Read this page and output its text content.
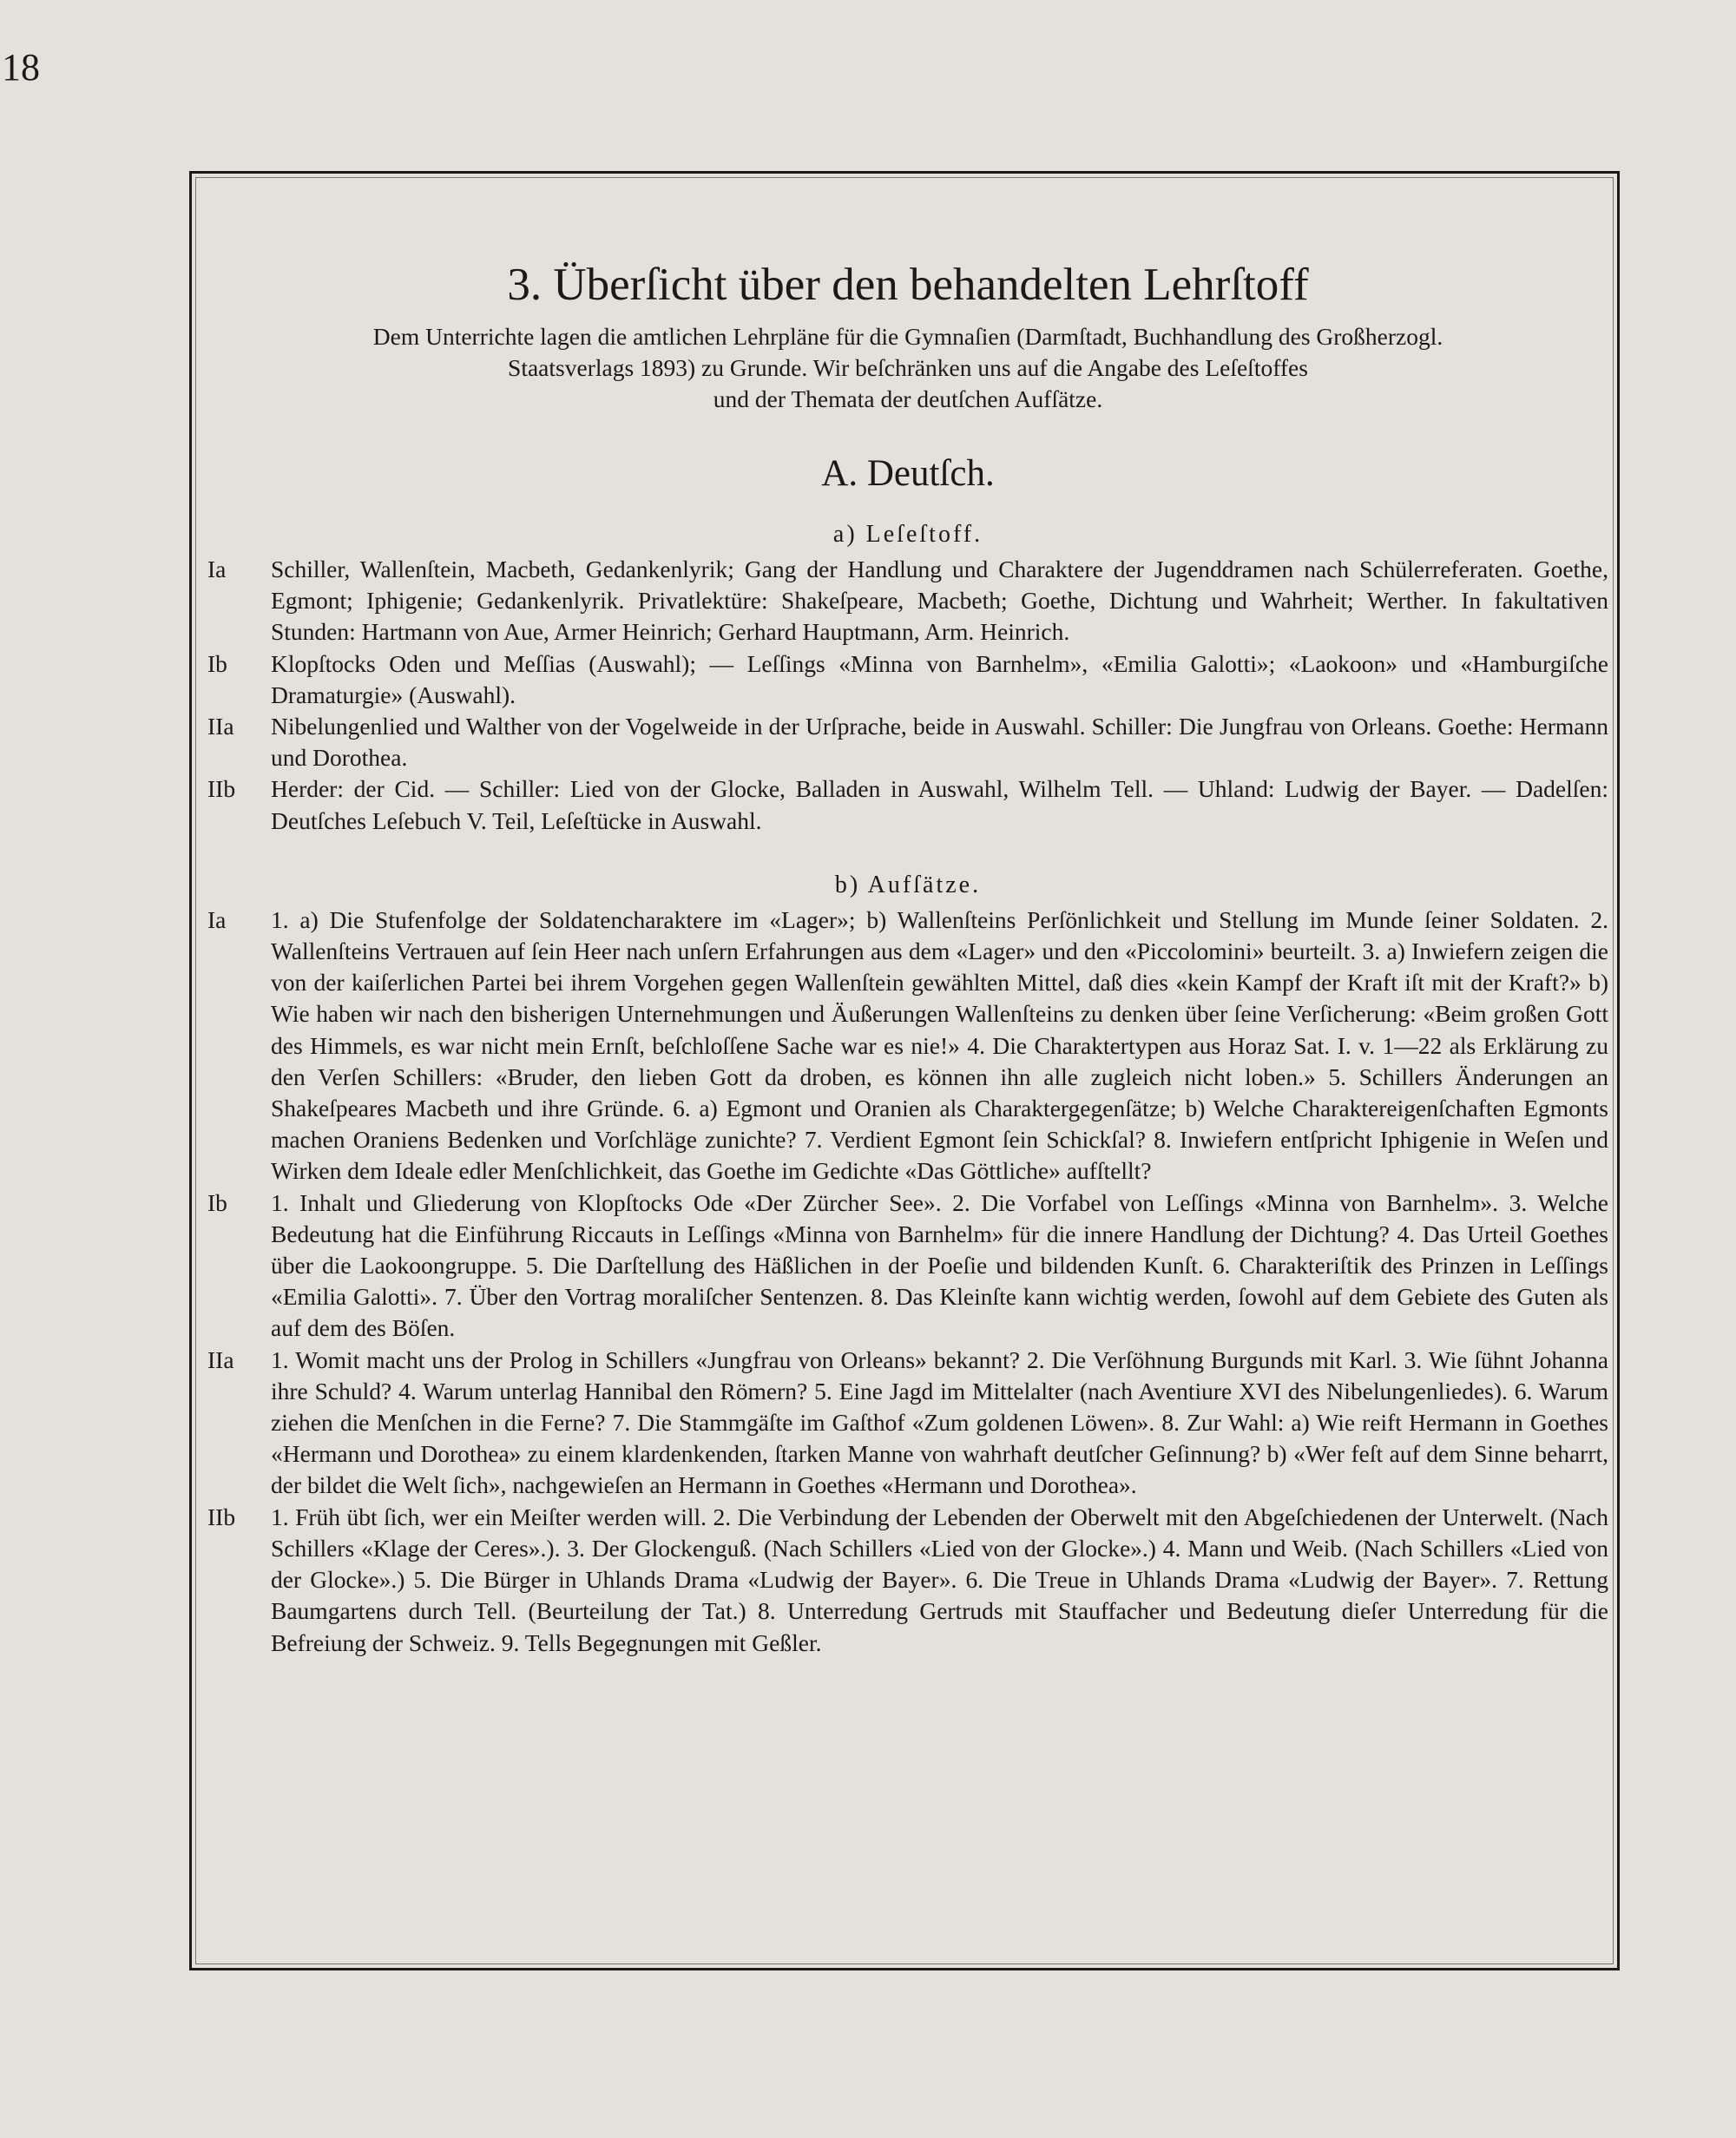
18
3. Überſicht über den behandelten Lehrſtoff

Dem Unterrichte lagen die amtlichen Lehrpläne für die Gymnaſien (Darmſtadt, Buchhandlung des Großherzogl.
Staatsverlags 1893) zu Grunde. Wir beſchränken uns auf die Angabe des Leſeſtoffes
und der Themata der deutſchen Aufſätze.

A. Deutſch.
a) Leſeſtoff.
Ia Schiller, Wallenſtein, Macbeth, Gedankenlyrik; Gang der Handlung und Charaktere der Jugenddramen nach Schülerreferaten. Goethe, Egmont; Iphigenie; Gedankenlyrik. Privatlektüre: Shakeſpeare, Macbeth; Goethe, Dichtung und Wahrheit; Werther. In fakultativen Stunden: Hartmann von Aue, Armer Heinrich; Gerhard Hauptmann, Arm. Heinrich.
Ib Klopſtocks Oden und Meſſias (Auswahl); — Leſſings «Minna von Barnhelm», «Emilia Galotti»; «Laokoon» und «Hamburgiſche Dramaturgie» (Auswahl).
IIa Nibelungenlied und Walther von der Vogelweide in der Urſprache, beide in Auswahl. Schiller: Die Jungfrau von Orleans. Goethe: Hermann und Dorothea.
IIb Herder: der Cid. — Schiller: Lied von der Glocke, Balladen in Auswahl, Wilhelm Tell. — Uhland: Ludwig der Bayer. — Dadelſen: Deutſches Leſebuch V. Teil, Leſeſtücke in Auswahl.
b) Aufſätze.
Ia 1. a) Die Stufenfolge der Soldatencharaktere im «Lager»; b) Wallenſteins Perſönlichkeit und Stellung im Munde ſeiner Soldaten. 2. Wallenſteins Vertrauen auf ſein Heer nach unſern Erfahrungen aus dem «Lager» und den «Piccolomini» beurteilt. 3. a) Inwiefern zeigen die von der kaiſerlichen Partei bei ihrem Vorgehen gegen Wallenſtein gewählten Mittel, daß dies «kein Kampf der Kraft iſt mit der Kraft?» b) Wie haben wir nach den bisherigen Unternehmungen und Äußerungen Wallenſteins zu denken über ſeine Verſicherung: «Beim großen Gott des Himmels, es war nicht mein Ernſt, beſchloſſene Sache war es nie!» 4. Die Charaktertypen aus Horaz Sat. I. v. 1—22 als Erklärung zu den Verſen Schillers: «Bruder, den lieben Gott da droben, es können ihn alle zugleich nicht loben.» 5. Schillers Änderungen an Shakeſpeares Macbeth und ihre Gründe. 6. a) Egmont und Oranien als Charaktergegenſätze; b) Welche Charaktereigenſchaften Egmonts machen Oraniens Bedenken und Vorſchläge zunichte? 7. Verdient Egmont ſein Schickſal? 8. Inwiefern entſpricht Iphigenie in Weſen und Wirken dem Ideale edler Menſchlichkeit, das Goethe im Gedichte «Das Göttliche» aufſtellt?
Ib 1. Inhalt und Gliederung von Klopſtocks Ode «Der Zürcher See». 2. Die Vorfabel von Leſſings «Minna von Barnhelm». 3. Welche Bedeutung hat die Einführung Riccauts in Leſſings «Minna von Barnhelm» für die innere Handlung der Dichtung? 4. Das Urteil Goethes über die Laokoongruppe. 5. Die Darſtellung des Häßlichen in der Poeſie und bildenden Kunſt. 6. Charakteriſtik des Prinzen in Leſſings «Emilia Galotti». 7. Über den Vortrag moraliſcher Sentenzen. 8. Das Kleinſte kann wichtig werden, ſowohl auf dem Gebiete des Guten als auf dem des Böſen.
IIa 1. Womit macht uns der Prolog in Schillers «Jungfrau von Orleans» bekannt? 2. Die Verſöhnung Burgunds mit Karl. 3. Wie ſühnt Johanna ihre Schuld? 4. Warum unterlag Hannibal den Römern? 5. Eine Jagd im Mittelalter (nach Aventiure XVI des Nibelungenliedes). 6. Warum ziehen die Menſchen in die Ferne? 7. Die Stammgäſte im Gaſthof «Zum goldenen Löwen». 8. Zur Wahl: a) Wie reift Hermann in Goethes «Hermann und Dorothea» zu einem klardenkenden, ſtarken Manne von wahrhaft deutſcher Geſinnung? b) «Wer feſt auf dem Sinne beharrt, der bildet die Welt ſich», nachgewieſen an Hermann in Goethes «Hermann und Dorothea».
IIb 1. Früh übt ſich, wer ein Meiſter werden will. 2. Die Verbindung der Lebenden der Oberwelt mit den Abgeſchiedenen der Unterwelt. (Nach Schillers «Klage der Ceres».). 3. Der Glockenguß. (Nach Schillers «Lied von der Glocke».) 4. Mann und Weib. (Nach Schillers «Lied von der Glocke».) 5. Die Bürger in Uhlands Drama «Ludwig der Bayer». 6. Die Treue in Uhlands Drama «Ludwig der Bayer». 7. Rettung Baumgartens durch Tell. (Beurteilung der Tat.) 8. Unterredung Gertruds mit Stauffacher und Bedeutung dieſer Unterredung für die Befreiung der Schweiz. 9. Tells Begegnungen mit Geßler.
